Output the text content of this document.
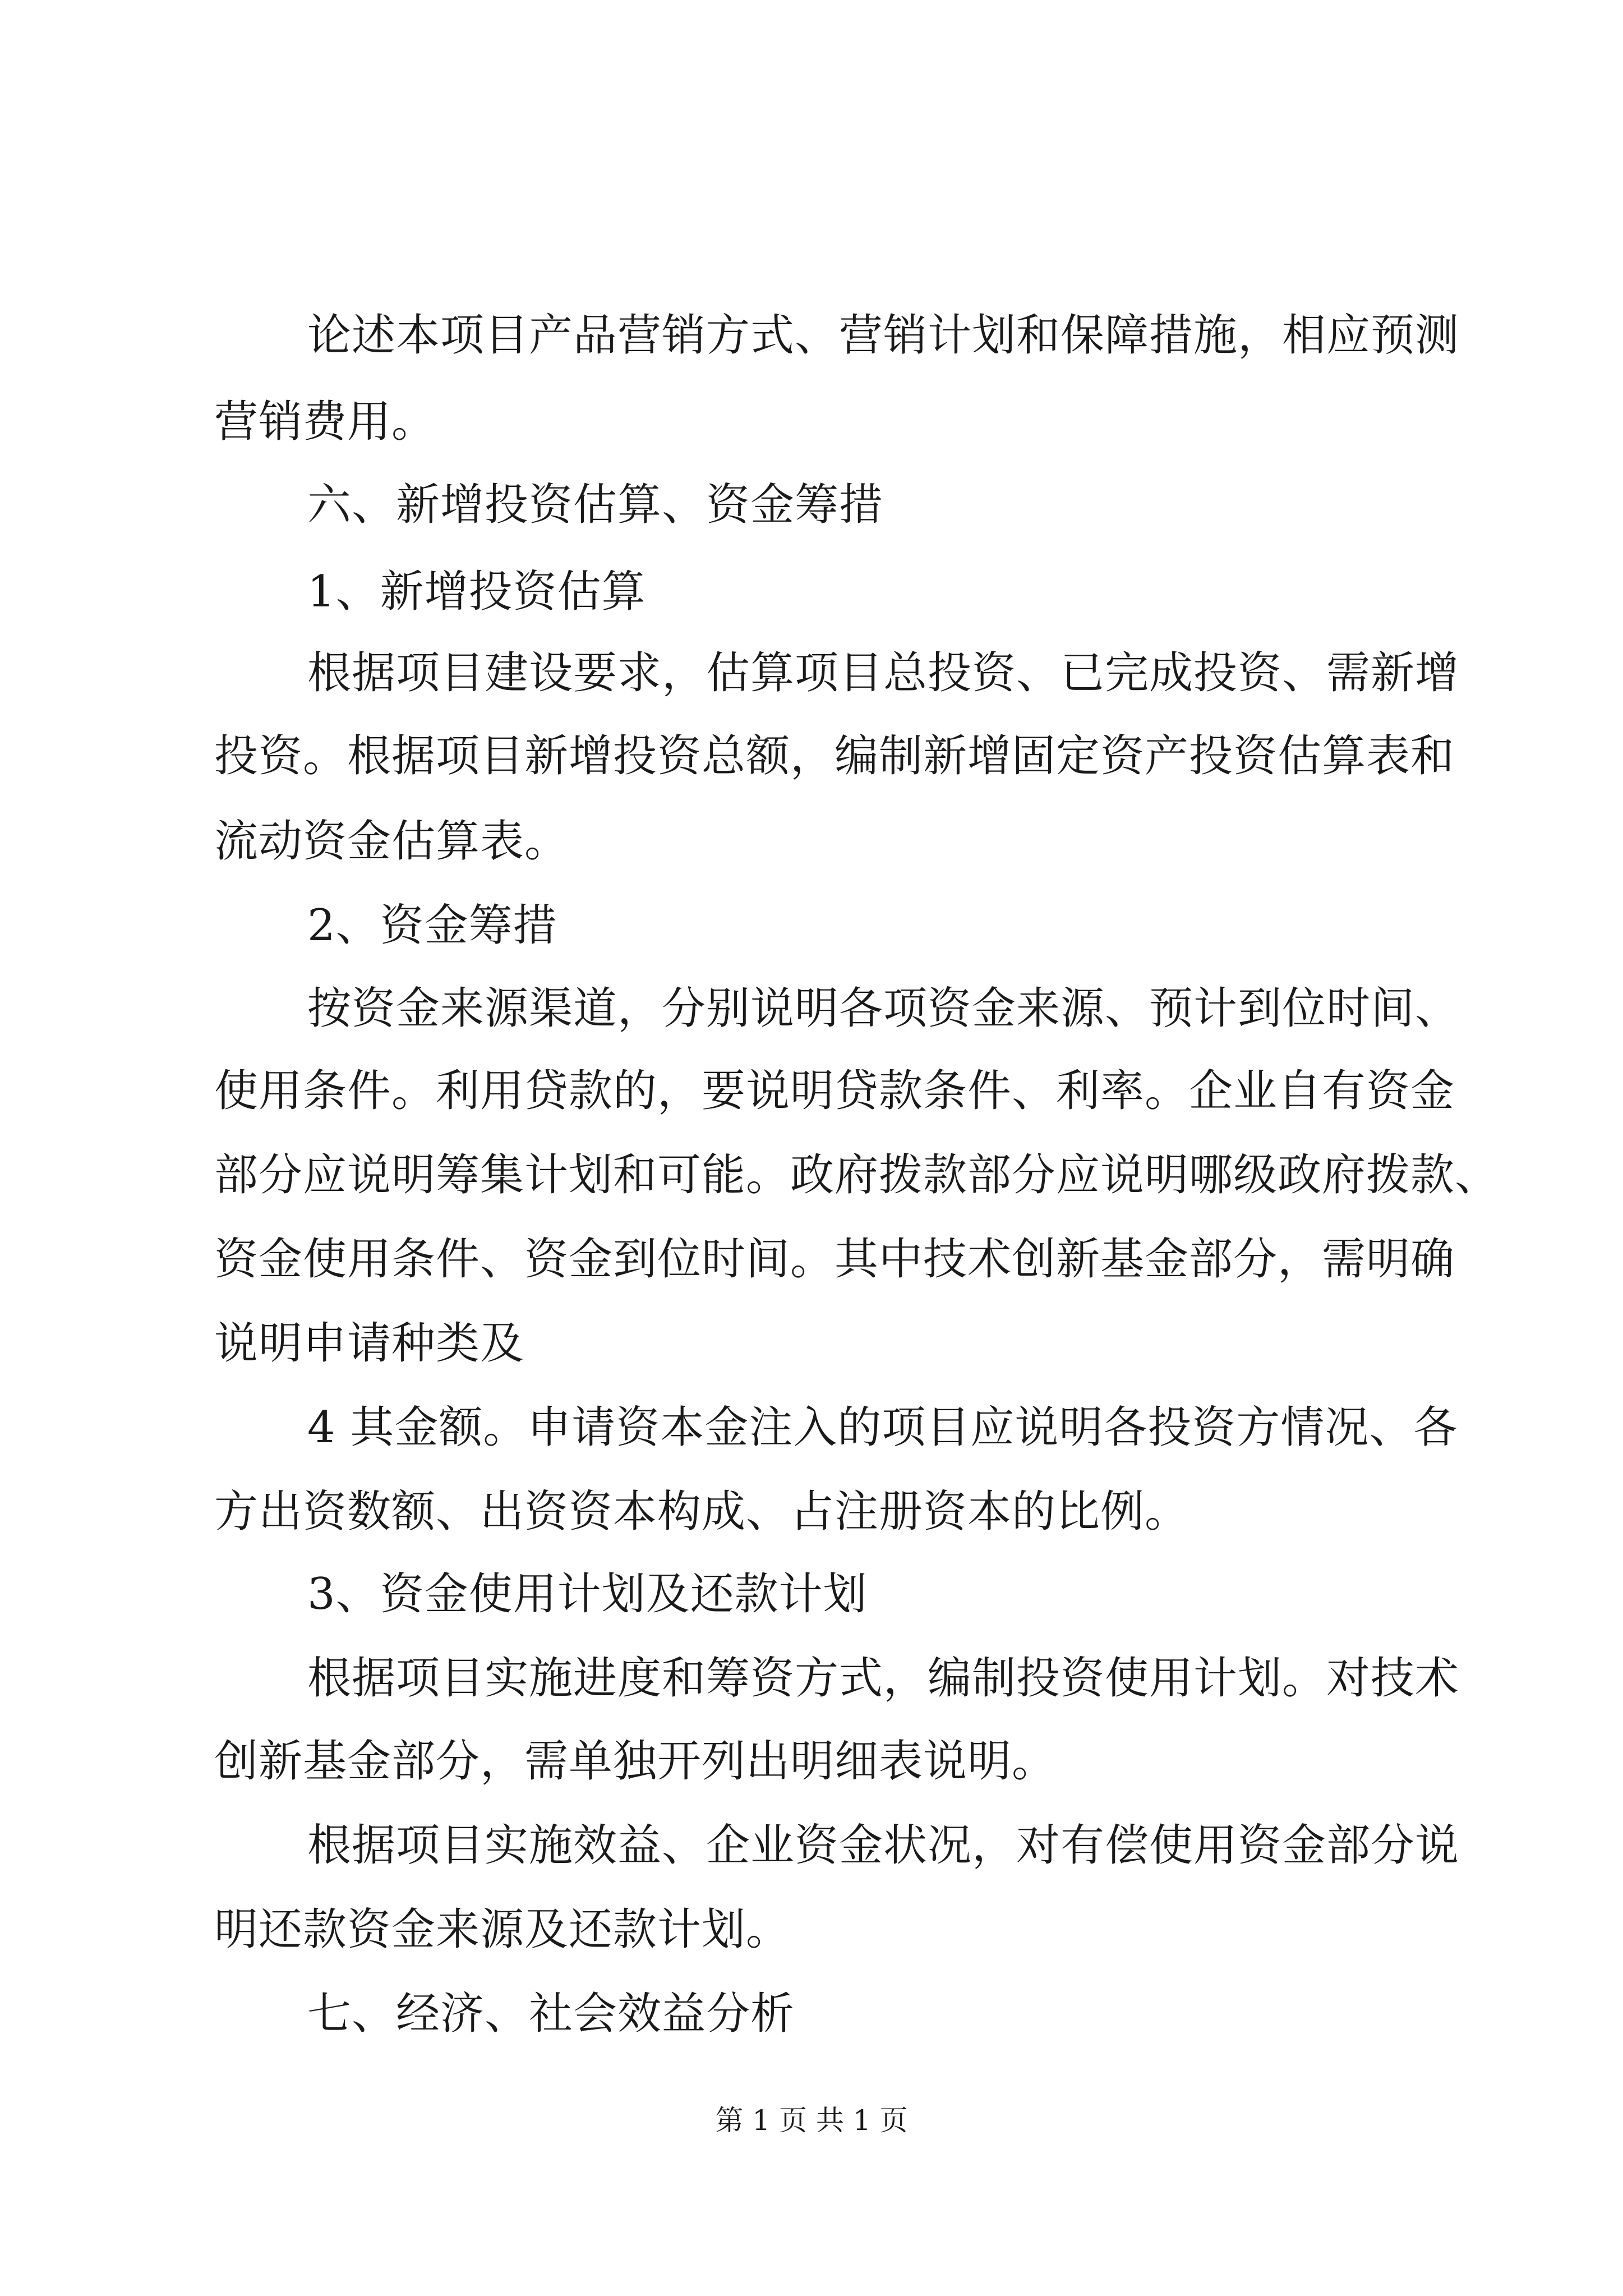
论述本项目产品营销方式、营销计划和保障措施，相应预测

营销费用。

六、新增投资估算、资金筹措

1、新增投资估算

根据项目建设要求，估算项目总投资、已完成投资、需新增

投资。根据项目新增投资总额，编制新增固定资产投资估算表和

流动资金估算表。

2、资金筹措

按资金来源渠道，分别说明各项资金来源、预计到位时间、

使用条件。利用贷款的，要说明贷款条件、利率。企业自有资金

部分应说明筹集计划和可能。政府拨款部分应说明哪级政府拨款、

资金使用条件、资金到位时间。其中技术创新基金部分，需明确

说明申请种类及

4 其金额。申请资本金注入的项目应说明各投资方情况、各

方出资数额、出资资本构成、占注册资本的比例。

3、资金使用计划及还款计划

根据项目实施进度和筹资方式，编制投资使用计划。对技术

创新基金部分，需单独开列出明细表说明。

根据项目实施效益、企业资金状况，对有偿使用资金部分说

明还款资金来源及还款计划。

七、经济、社会效益分析

第 1 页 共 1 页
